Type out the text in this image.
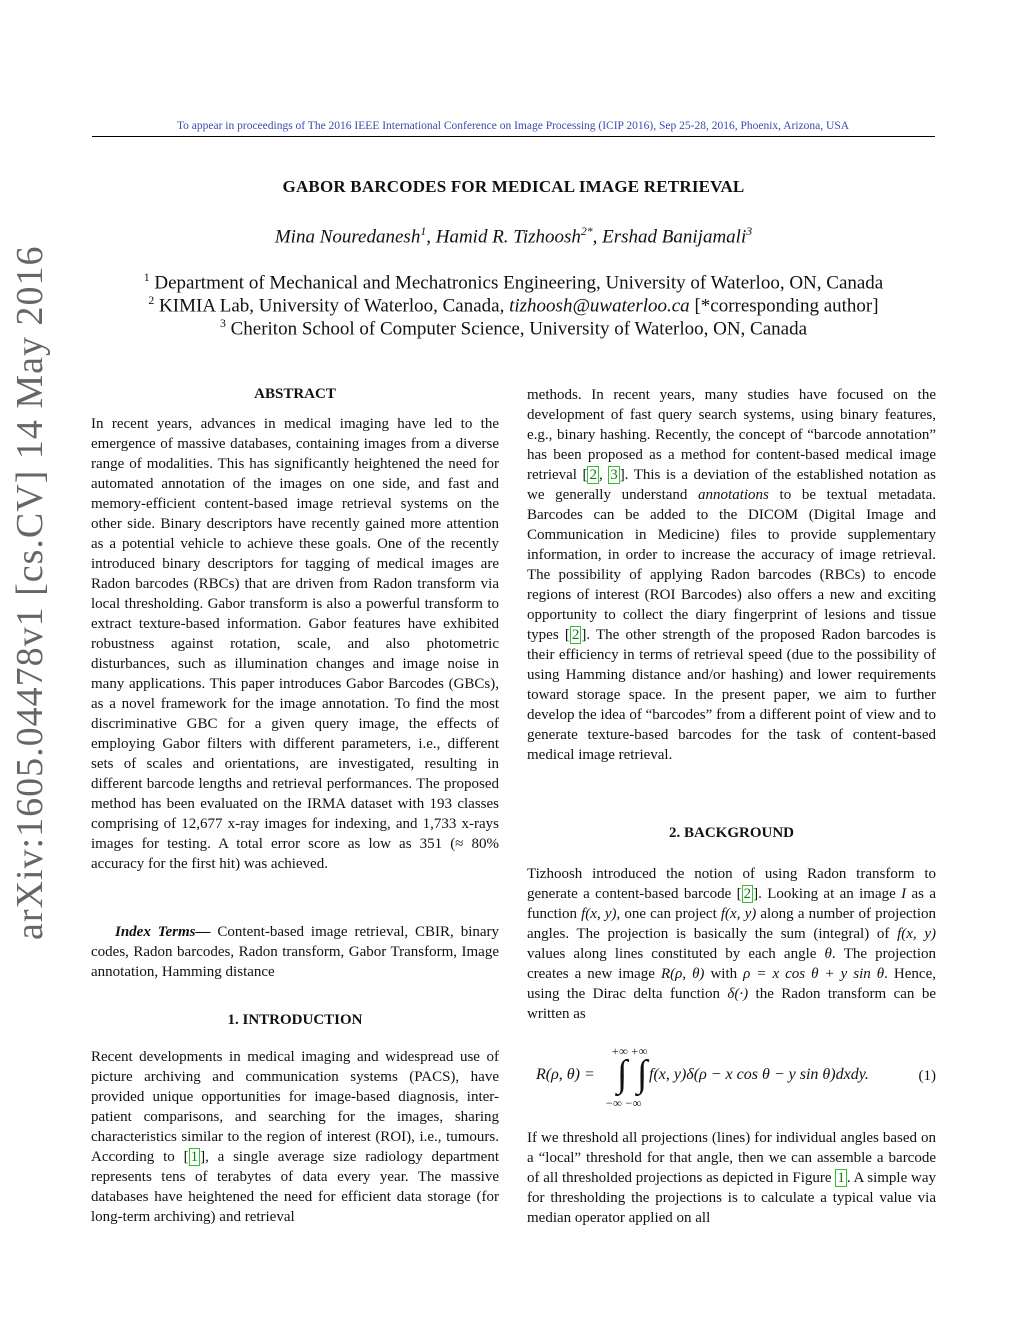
To appear in proceedings of The 2016 IEEE International Conference on Image Processing (ICIP 2016), Sep 25-28, 2016, Phoenix, Arizona, USA
arXiv:1605.04478v1 [cs.CV] 14 May 2016
GABOR BARCODES FOR MEDICAL IMAGE RETRIEVAL
Mina Nouredanesh$^1$, Hamid R. Tizhoosh$^{2*}$, Ershad Banijamali$^3$
$^1$ Department of Mechanical and Mechatronics Engineering, University of Waterloo, ON, Canada
$^2$ KIMIA Lab, University of Waterloo, Canada, tizhoosh@uwaterloo.ca [*corresponding author]
$^3$ Cheriton School of Computer Science, University of Waterloo, ON, Canada
ABSTRACT
In recent years, advances in medical imaging have led to the emergence of massive databases, containing images from a diverse range of modalities. This has significantly heightened the need for automated annotation of the images on one side, and fast and memory-efficient content-based image retrieval systems on the other side. Binary descriptors have recently gained more attention as a potential vehicle to achieve these goals. One of the recently introduced binary descriptors for tagging of medical images are Radon barcodes (RBCs) that are driven from Radon transform via local thresholding. Gabor transform is also a powerful transform to extract texture-based information. Gabor features have exhibited robustness against rotation, scale, and also photometric disturbances, such as illumination changes and image noise in many applications. This paper introduces Gabor Barcodes (GBCs), as a novel framework for the image annotation. To find the most discriminative GBC for a given query image, the effects of employing Gabor filters with different parameters, i.e., different sets of scales and orientations, are investigated, resulting in different barcode lengths and retrieval performances. The proposed method has been evaluated on the IRMA dataset with 193 classes comprising of 12,677 x-ray images for indexing, and 1,733 x-rays images for testing. A total error score as low as 351 (≈ 80% accuracy for the first hit) was achieved.
Index Terms— Content-based image retrieval, CBIR, binary codes, Radon barcodes, Radon transform, Gabor Transform, Image annotation, Hamming distance
1. INTRODUCTION
Recent developments in medical imaging and widespread use of picture archiving and communication systems (PACS), have provided unique opportunities for image-based diagnosis, inter-patient comparisons, and searching for the images, sharing characteristics similar to the region of interest (ROI), i.e., tumours. According to [ 1 ], a single average size radiology department represents tens of terabytes of data every year. The massive databases have heightened the need for efficient data storage (for long-term archiving) and retrieval
methods. In recent years, many studies have focused on the development of fast query search systems, using binary features, e.g., binary hashing. Recently, the concept of “barcode annotation” has been proposed as a method for content-based medical image retrieval [ 2 , 3 ]. This is a deviation of the established notation as we generally understand annotations to be textual metadata. Barcodes can be added to the DICOM (Digital Image and Communication in Medicine) files to provide supplementary information, in order to increase the accuracy of image retrieval. The possibility of applying Radon barcodes (RBCs) to encode regions of interest (ROI Barcodes) also offers a new and exciting opportunity to collect the diary fingerprint of lesions and tissue types [ 2 ]. The other strength of the proposed Radon barcodes is their efficiency in terms of retrieval speed (due to the possibility of using Hamming distance and/or hashing) and lower requirements toward storage space. In the present paper, we aim to further develop the idea of “barcodes” from a different point of view and to generate texture-based barcodes for the task of content-based medical image retrieval.
2. BACKGROUND
Tizhoosh introduced the notion of using Radon transform to generate a content-based barcode [ 2 ]. Looking at an image I as a function f(x, y), one can project f(x, y) along a number of projection angles. The projection is basically the sum (integral) of f(x, y) values along lines constituted by each angle θ. The projection creates a new image R(ρ, θ) with ρ = x cos θ + y sin θ. Hence, using the Dirac delta function δ(·) the Radon transform can be written as
R(ρ, θ) =
+∞ +∞
∫ ∫
−∞ −∞
f(x, y)δ(ρ − x cos θ − y sin θ)dxdy.	(1)
If we threshold all projections (lines) for individual angles based on a “local” threshold for that angle, then we can assemble a barcode of all thresholded projections as depicted in Figure 1 . A simple way for thresholding the projections is to calculate a typical value via median operator applied on all
